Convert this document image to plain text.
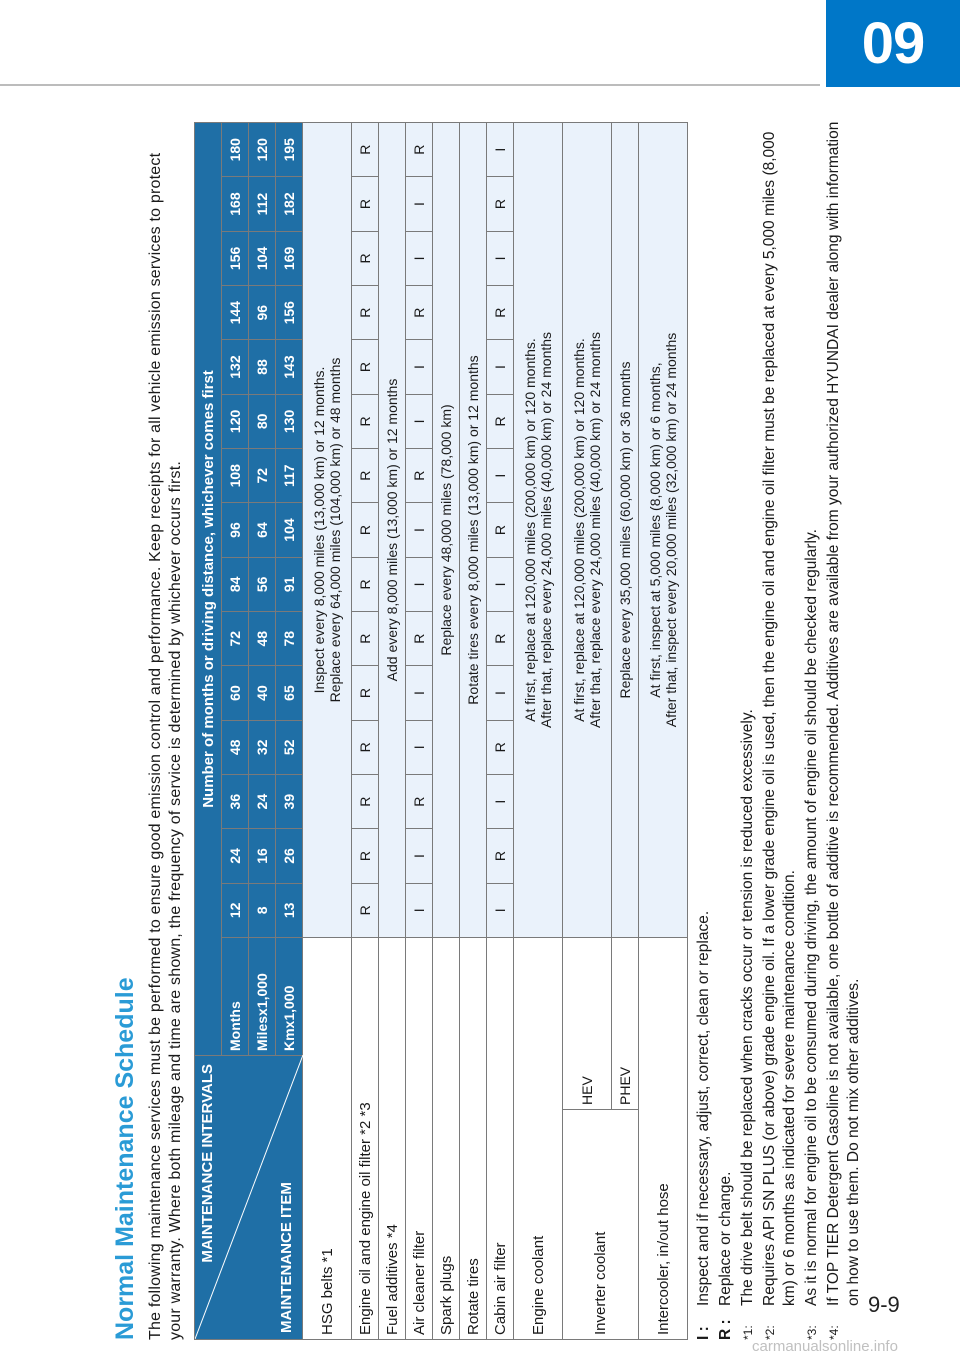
09
Normal Maintenance Schedule The following maintenance services must be performed to ensure good emission control and performance. Keep receipts for all vehicle emission services to protect your warranty. Where both mileage and time are shown, the frequency of service is determined by whichever occurs first. MAINTENANCE INTERVALS MAINTENANCE ITEM		Number of months or driving distance, whichever comes first															
		Months	12	24	36	48	60	72	84	96	108	120	132	144	156	168	180
		Milesx1,000	8	16	24	32	40	48	56	64	72	80	88	96	104	112	120
		Kmx1,000	13	26	39	52	65	78	91	104	117	130	143	156	169	182	195
HSG belts *1			Inspect every 8,000 miles (13,000 km) or 12 months. Replace every 64,000 miles (104,000 km) or 48 months														

Engine oil and engine oil filter *2 *3			R	R	R	R	R	R	R	R	R	R	R	R	R	R	R
Fuel additives *4			Add every 8,000 miles (13,000 km) or 12 months														
Air cleaner filter			I	I	R	I	I	R	I	I	R	I	I	R	I	I	R
Spark plugs			Replace every 48,000 miles (78,000 km)														
Rotate tires			Rotate tires every 8,000 miles (13,000 km) or 12 months														
Cabin air filter			I	R	I	R	I	R	I	R	I	R	I	R	I	R	I
Engine coolant			At first, replace at 120,000 miles (200,000 km) or 120 months. After that, replace every 24,000 miles (40,000 km) or 24 months														

Inverter coolant	HEV		At first, replace at 120,000 miles (200,000 km) or 120 months. After that, replace every 24,000 miles (40,000 km) or 24 months														

	PHEV		Replace every 35,000 miles (60,000 km) or 36 months														
Intercooler, in/out hose			At first, inspect at 5,000 miles (8,000 km) or 6 months, After that, inspect every 20,000 miles (32,000 km) or 24 months														
I :
Inspect and if necessary, adjust, correct, clean or replace.
R :
Replace or change.
*1:
The drive belt should be replaced when cracks occur or tension is reduced excessively.
*2:
Requires API SN PLUS (or above) grade engine oil. If a lower grade engine oil is used, then the engine oil and engine oil filter must be replaced at every 5,000 miles (8,000 km) or 6 months as indicated for severe maintenance condition.
*3:
As it is normal for engine oil to be consumed during driving, the amount of engine oil should be checked regularly.
*4:
If TOP TIER Detergent Gasoline is not available, one bottle of additive is recommended. Additives are available from your authorized HYUNDAI dealer along with information on how to use them. Do not mix other additives. 9-9
carmanualsonline.info
